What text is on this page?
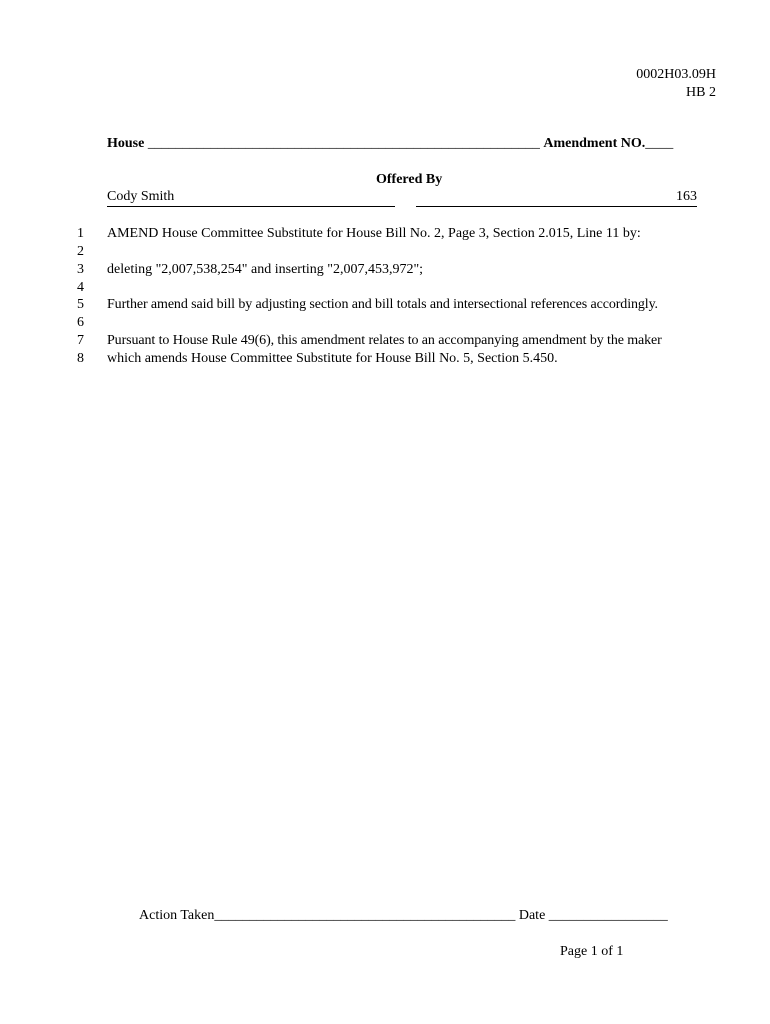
0002H03.09H
HB 2
House ________________________________________________________ Amendment NO.____
Offered By
Cody Smith	163
1 AMEND House Committee Substitute for House Bill No. 2, Page 3, Section 2.015, Line 11 by:
2
3 deleting "2,007,538,254" and inserting "2,007,453,972";
4
5 Further amend said bill by adjusting section and bill totals and intersectional references accordingly.
6
7 Pursuant to House Rule 49(6), this amendment relates to an accompanying amendment by the maker
8 which amends House Committee Substitute for House Bill No. 5, Section 5.450.
Action Taken___________________________________________ Date _________________
Page 1 of 1
